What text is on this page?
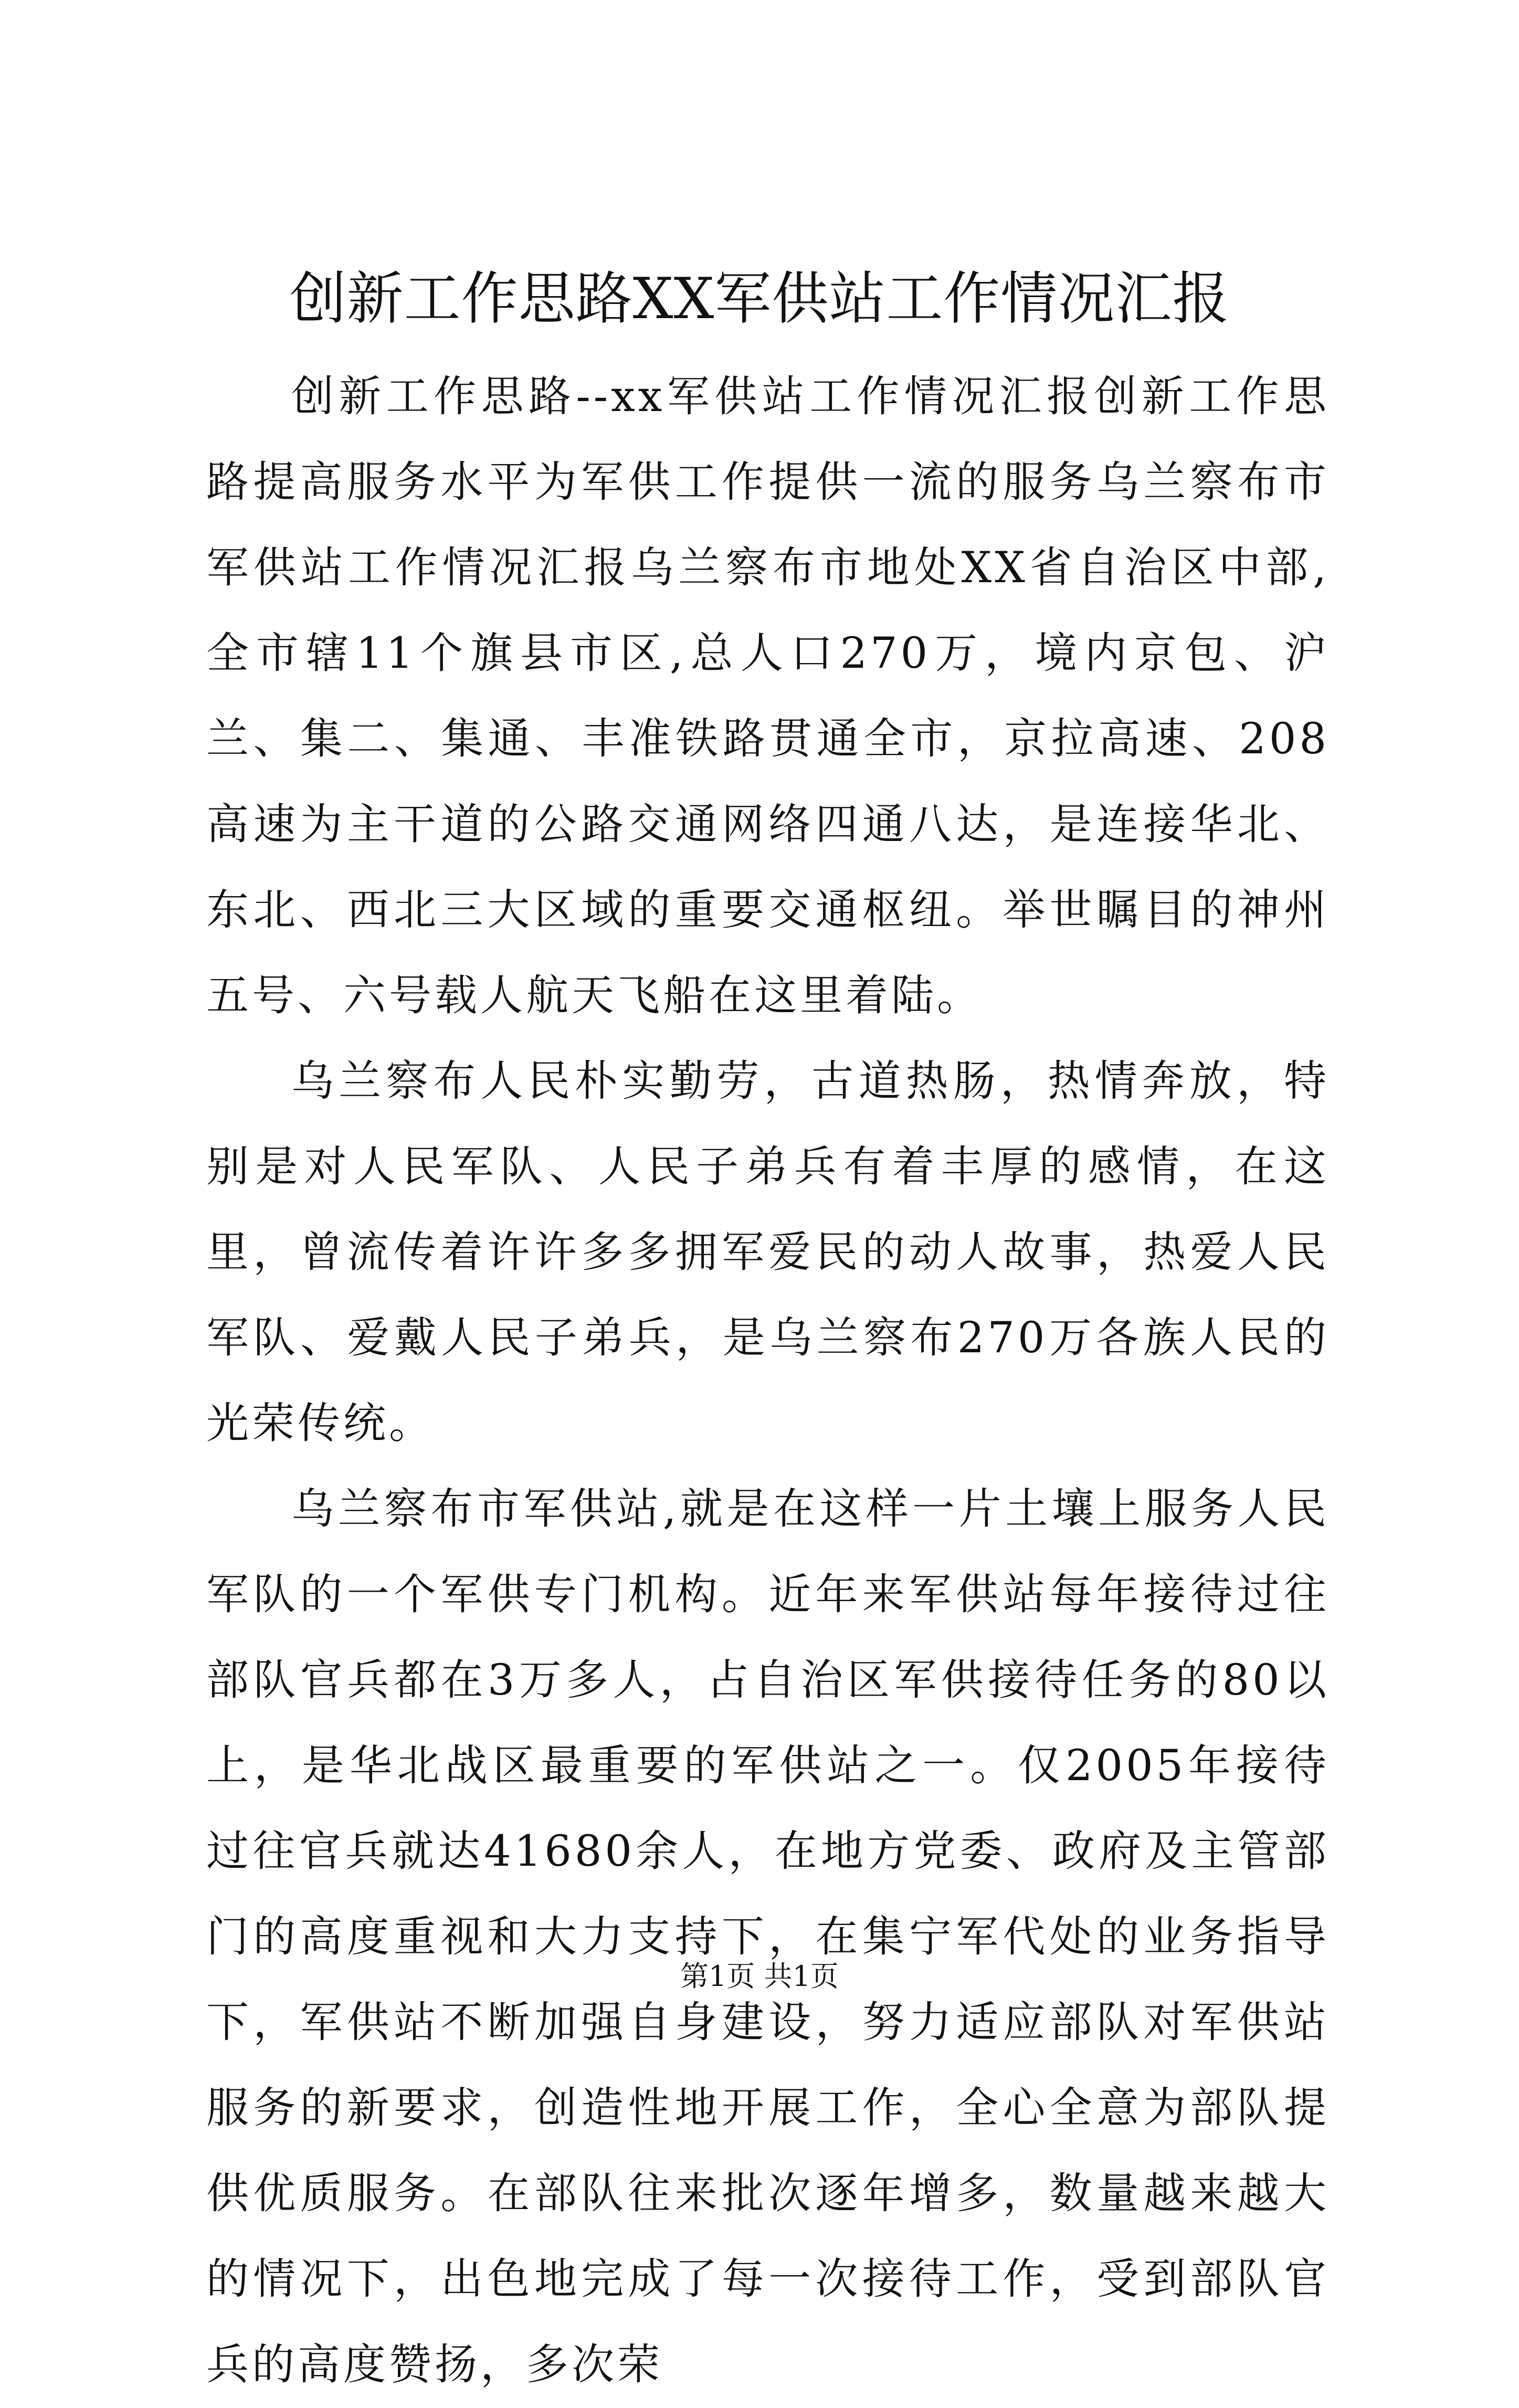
创新工作思路XX军供站工作情况汇报

创新工作思路--xx军供站工作情况汇报创新工作思路提高服务水平为军供工作提供一流的服务乌兰察布市军供站工作情况汇报乌兰察布市地处XX省自治区中部,全市辖11个旗县市区,总人口270万，境内京包、沪兰、集二、集通、丰准铁路贯通全市，京拉高速、208高速为主干道的公路交通网络四通八达，是连接华北、东北、西北三大区域的重要交通枢纽。举世瞩目的神州五号、六号载人航天飞船在这里着陆。

乌兰察布人民朴实勤劳，古道热肠，热情奔放，特别是对人民军队、人民子弟兵有着丰厚的感情，在这里，曾流传着许许多多拥军爱民的动人故事，热爱人民军队、爱戴人民子弟兵，是乌兰察布270万各族人民的光荣传统。

乌兰察布市军供站,就是在这样一片土壤上服务人民军队的一个军供专门机构。近年来军供站每年接待过往部队官兵都在3万多人，占自治区军供接待任务的80以上，是华北战区最重要的军供站之一。仅2005年接待过往官兵就达41680余人，在地方党委、政府及主管部门的高度重视和大力支持下，在集宁军代处的业务指导下，军供站不断加强自身建设，努力适应部队对军供站服务的新要求，创造性地开展工作，全心全意为部队提供优质服务。在部队往来批次逐年增多，数量越来越大的情况下，出色地完成了每一次接待工作，受到部队官兵的高度赞扬，多次荣

第1页 共1页
